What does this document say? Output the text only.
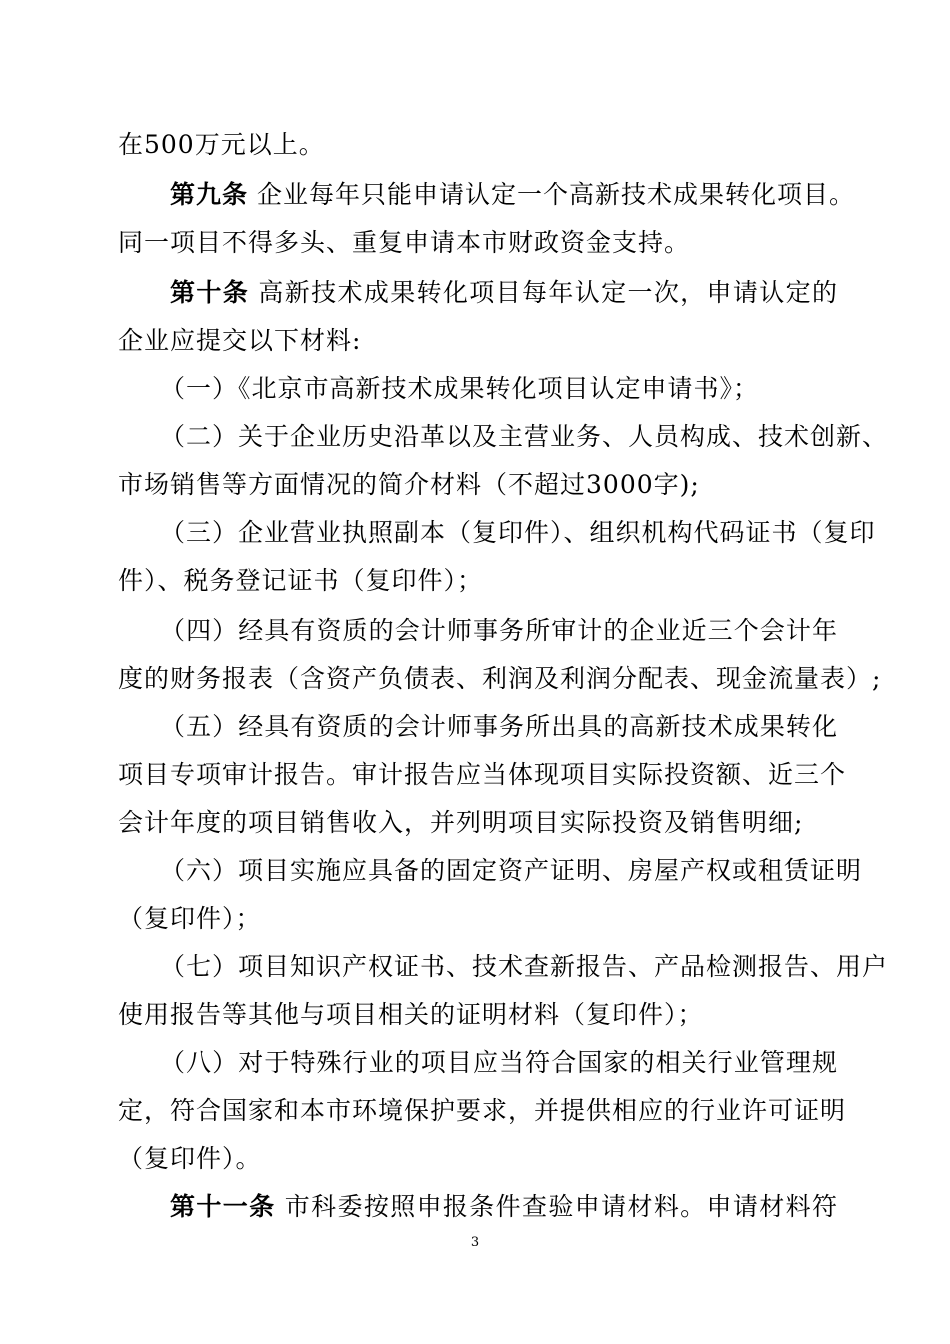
在500万元以上。
第九条 企业每年只能申请认定一个高新技术成果转化项目。
同一项目不得多头、重复申请本市财政资金支持。
第十条 高新技术成果转化项目每年认定一次，申请认定的
企业应提交以下材料:
（一）《北京市高新技术成果转化项目认定申请书》；
（二）关于企业历史沿革以及主营业务、人员构成、技术创新、
市场销售等方面情况的简介材料（不超过3000字);
（三）企业营业执照副本（复印件）、组织机构代码证书（复印
件）、税务登记证书（复印件）；
（四）经具有资质的会计师事务所审计的企业近三个会计年
度的财务报表（含资产负债表、利润及利润分配表、现金流量表）;
（五）经具有资质的会计师事务所出具的高新技术成果转化
项目专项审计报告。审计报告应当体现项目实际投资额、近三个
会计年度的项目销售收入，并列明项目实际投资及销售明细;
（六）项目实施应具备的固定资产证明、房屋产权或租赁证明
（复印件）；
（七）项目知识产权证书、技术查新报告、产品检测报告、用户
使用报告等其他与项目相关的证明材料（复印件）；
（八）对于特殊行业的项目应当符合国家的相关行业管理规
定，符合国家和本市环境保护要求，并提供相应的行业许可证明
（复印件）。
第十一条 市科委按照申报条件查验申请材料。申请材料符
3
